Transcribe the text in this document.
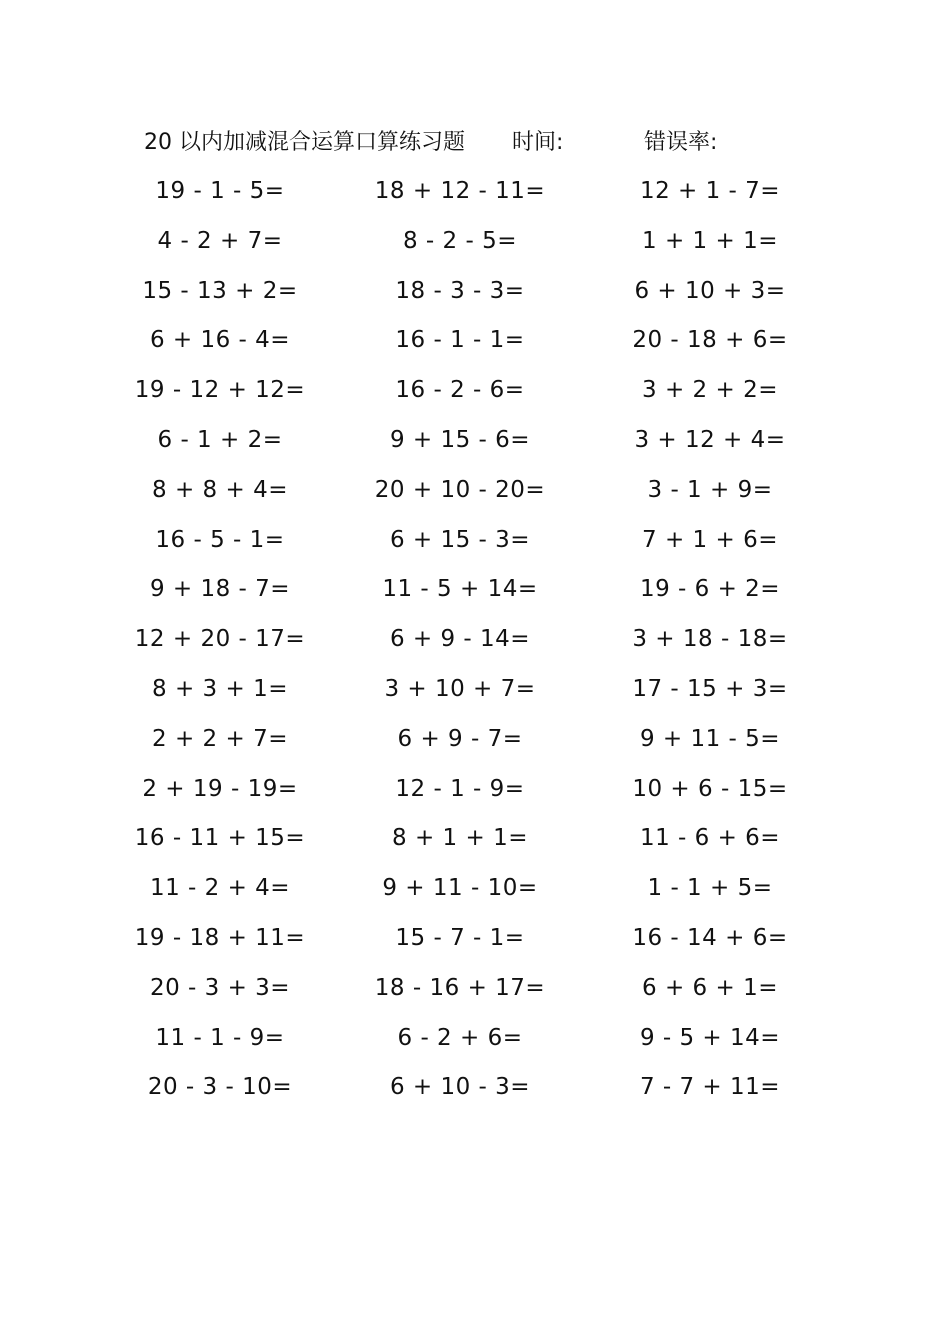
20 以内加减混合运算口算练习题 时间:	错误率:
19 - 1 - 5=	18 + 12 - 11=	12 + 1 - 7=
4 - 2 + 7=	8 - 2 - 5=	1 + 1 + 1=
15 - 13 + 2=	18 - 3 - 3=	6 + 10 + 3=
6 + 16 - 4=	16 - 1 - 1=	20 - 18 + 6=
19 - 12 + 12=	16 - 2 - 6=	3 + 2 + 2=
6 - 1 + 2=	9 + 15 - 6=	3 + 12 + 4=
8 + 8 + 4=	20 + 10 - 20=	3 - 1 + 9=
16 - 5 - 1=	6 + 15 - 3=	7 + 1 + 6=
9 + 18 - 7=	11 - 5 + 14=	19 - 6 + 2=
12 + 20 - 17=	6 + 9 - 14=	3 + 18 - 18=
8 + 3 + 1=	3 + 10 + 7=	17 - 15 + 3=
2 + 2 + 7=	6 + 9 - 7=	9 + 11 - 5=
2 + 19 - 19=	12 - 1 - 9=	10 + 6 - 15=
16 - 11 + 15=	8 + 1 + 1=	11 - 6 + 6=
11 - 2 + 4=	9 + 11 - 10=	1 - 1 + 5=
19 - 18 + 11=	15 - 7 - 1=	16 - 14 + 6=
20 - 3 + 3=	18 - 16 + 17=	6 + 6 + 1=
11 - 1 - 9=	6 - 2 + 6=	9 - 5 + 14=
20 - 3 - 10=	6 + 10 - 3=	7 - 7 + 11=
